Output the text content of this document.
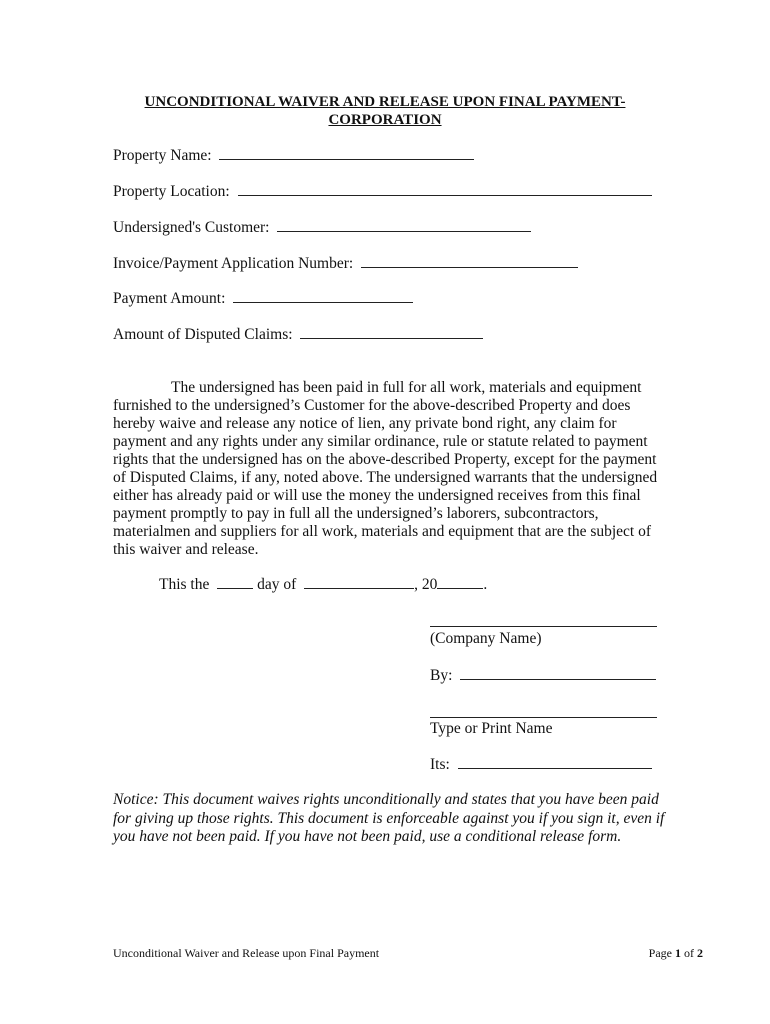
UNCONDITIONAL WAIVER AND RELEASE UPON FINAL PAYMENT-
CORPORATION
Property Name:
Property Location:
Undersigned's Customer:
Invoice/Payment Application Number:
Payment Amount:
Amount of Disputed Claims:
The undersigned has been paid in full for all work, materials and equipment
furnished to the undersigned’s Customer for the above-described Property and does
hereby waive and release any notice of lien, any private bond right, any claim for
payment and any rights under any similar ordinance, rule or statute related to payment
rights that the undersigned has on the above-described Property, except for the payment
of Disputed Claims, if any, noted above. The undersigned warrants that the undersigned
either has already paid or will use the money the undersigned receives from this final
payment promptly to pay in full all the undersigned’s laborers, subcontractors,
materialmen and suppliers for all work, materials and equipment that are the subject of
this waiver and release.
This the	day of	, 20	.
(Company Name)
By:
Type or Print Name
Its:
Notice: This document waives rights unconditionally and states that you have been paid
for giving up those rights. This document is enforceable against you if you sign it, even if
you have not been paid. If you have not been paid, use a conditional release form.
Unconditional Waiver and Release upon Final Payment	Page 1 of 2
